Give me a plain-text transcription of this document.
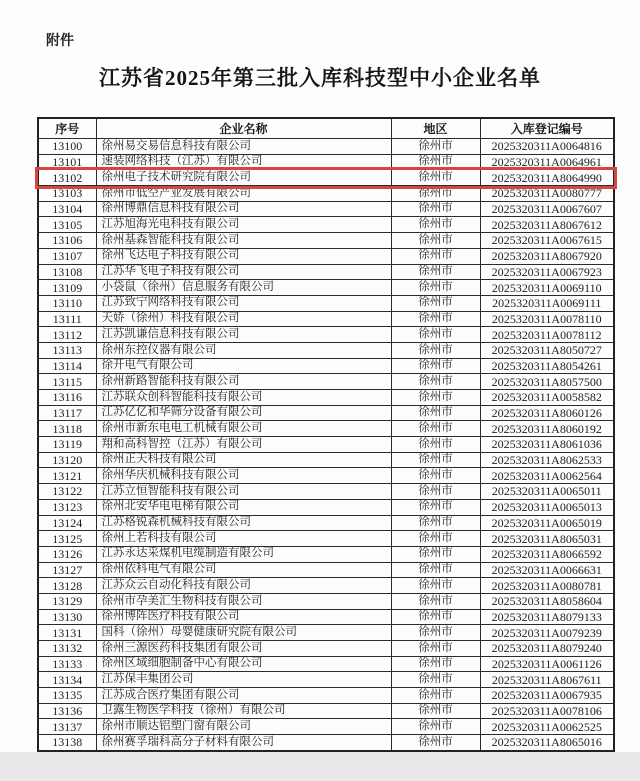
附件
江苏省2025年第三批入库科技型中小企业名单
序号	企业名称	地区	入库登记编号
13100	徐州易交易信息科技有限公司	徐州市	2025320311A0064816
13101	速装网络科技（江苏）有限公司	徐州市	2025320311A0064961
13102	徐州电子技术研究院有限公司	徐州市	2025320311A8064990
13103	徐州市低空产业发展有限公司	徐州市	2025320311A0080777
13104	徐州博鼎信息科技有限公司	徐州市	2025320311A0067607
13105	江苏旭海光电科技有限公司	徐州市	2025320311A8067612
13106	徐州基森智能科技有限公司	徐州市	2025320311A0067615
13107	徐州飞达电子科技有限公司	徐州市	2025320311A8067920
13108	江苏华飞电子科技有限公司	徐州市	2025320311A0067923
13109	小袋鼠（徐州）信息服务有限公司	徐州市	2025320311A0069110
13110	江苏致宁网络科技有限公司	徐州市	2025320311A0069111
13111	天娇（徐州）科技有限公司	徐州市	2025320311A0078110
13112	江苏凯谦信息科技有限公司	徐州市	2025320311A0078112
13113	徐州东控仪器有限公司	徐州市	2025320311A8050727
13114	徐开电气有限公司	徐州市	2025320311A8054261
13115	徐州新路智能科技有限公司	徐州市	2025320311A8057500
13116	江苏联众创科智能科技有限公司	徐州市	2025320311A0058582
13117	江苏亿亿和华筛分设备有限公司	徐州市	2025320311A8060126
13118	徐州市新东电电工机械有限公司	徐州市	2025320311A8060192
13119	翔和高科智控（江苏）有限公司	徐州市	2025320311A8061036
13120	徐州正天科技有限公司	徐州市	2025320311A8062533
13121	徐州华庆机械科技有限公司	徐州市	2025320311A0062564
13122	江苏立恒智能科技有限公司	徐州市	2025320311A0065011
13123	徐州北安华电电梯有限公司	徐州市	2025320311A0065013
13124	江苏格锐森机械科技有限公司	徐州市	2025320311A0065019
13125	徐州上若科技有限公司	徐州市	2025320311A8065031
13126	江苏永达采煤机电缆制造有限公司	徐州市	2025320311A8066592
13127	徐州依科电气有限公司	徐州市	2025320311A0066631
13128	江苏众云自动化科技有限公司	徐州市	2025320311A0080781
13129	徐州市孕美汇生物科技有限公司	徐州市	2025320311A8058604
13130	徐州博阵医疗科技有限公司	徐州市	2025320311A8079133
13131	国科（徐州）母婴健康研究院有限公司	徐州市	2025320311A0079239
13132	徐州三源医药科技集团有限公司	徐州市	2025320311A8079240
13133	徐州区域细胞制备中心有限公司	徐州市	2025320311A0061126
13134	江苏保丰集团公司	徐州市	2025320311A8067611
13135	江苏成合医疗集团有限公司	徐州市	2025320311A0067935
13136	卫露生物医学科技（徐州）有限公司	徐州市	2025320311A0078106
13137	徐州市顺达铝塑门窗有限公司	徐州市	2025320311A0062525
13138	徐州赛孚瑞科高分子材料有限公司	徐州市	2025320311A8065016
